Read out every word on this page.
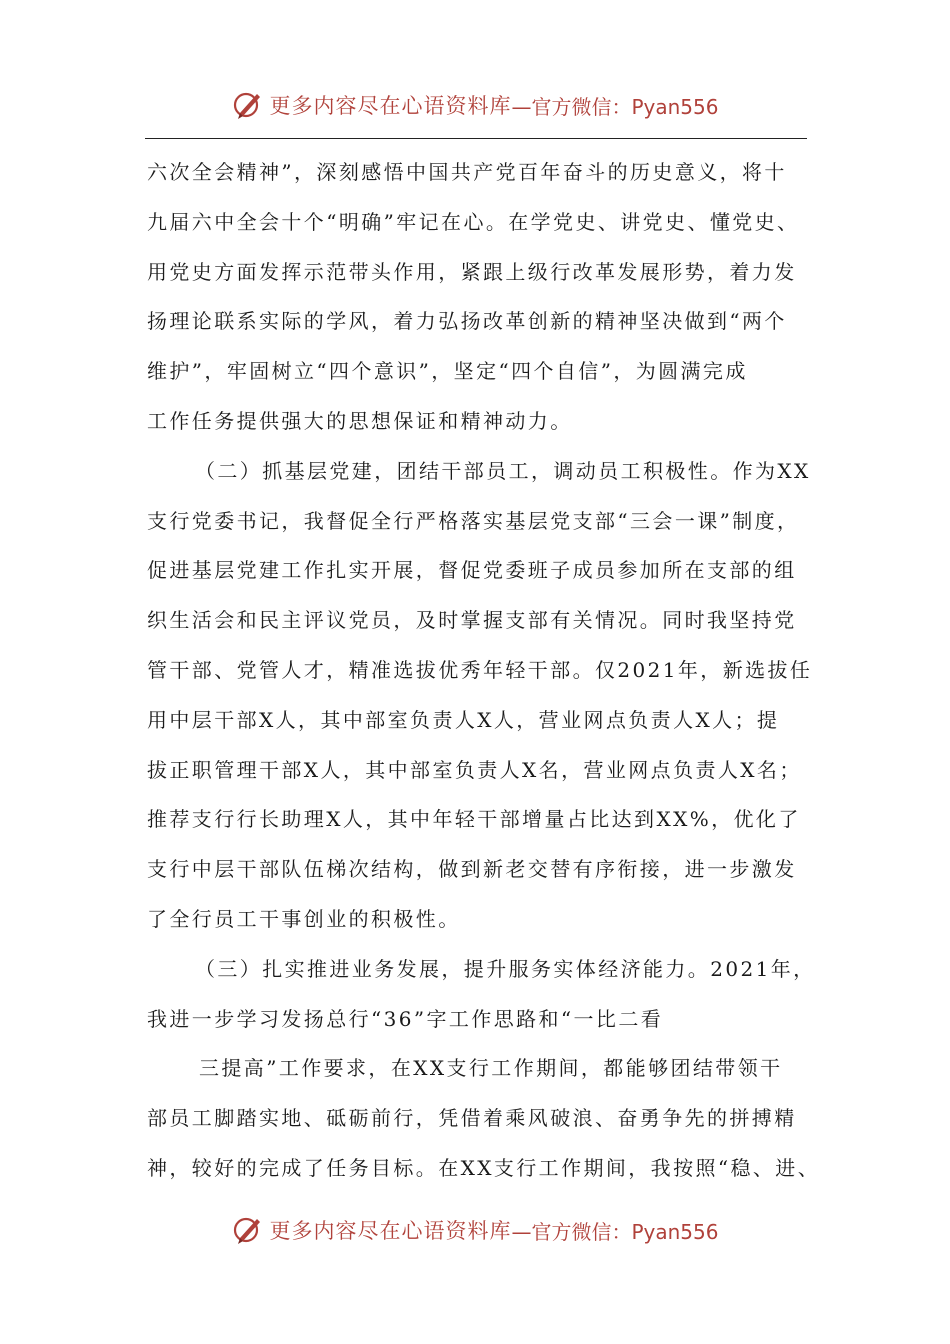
更多内容尽在心语资料库 —官方微信：Pyan556

六次全会精神”，深刻感悟中国共产党百年奋斗的历史意义，将十

九届六中全会十个“明确”牢记在心。在学党史、讲党史、懂党史、

用党史方面发挥示范带头作用，紧跟上级行改革发展形势，着力发

扬理论联系实际的学风，着力弘扬改革创新的精神坚决做到“两个

维护”，牢固树立“四个意识”，坚定“四个自信”，为圆满完成

工作任务提供强大的思想保证和精神动力。

（二）抓基层党建，团结干部员工，调动员工积极性。作为XX

支行党委书记，我督促全行严格落实基层党支部“三会一课”制度，

促进基层党建工作扎实开展，督促党委班子成员参加所在支部的组

织生活会和民主评议党员，及时掌握支部有关情况。同时我坚持党

管干部、党管人才，精准选拔优秀年轻干部。仅2021年，新选拔任

用中层干部X人，其中部室负责人X人，营业网点负责人X人；提

拔正职管理干部X人，其中部室负责人X名，营业网点负责人X名；

推荐支行行长助理X人，其中年轻干部增量占比达到XX%，优化了

支行中层干部队伍梯次结构，做到新老交替有序衔接，进一步激发

了全行员工干事创业的积极性。

（三）扎实推进业务发展，提升服务实体经济能力。2021年，

我进一步学习发扬总行“36”字工作思路和“一比二看

三提高”工作要求，在XX支行工作期间，都能够团结带领干

部员工脚踏实地、砥砺前行，凭借着乘风破浪、奋勇争先的拼搏精

神，较好的完成了任务目标。在XX支行工作期间，我按照“稳、进、

更多内容尽在心语资料库 —官方微信：Pyan556
